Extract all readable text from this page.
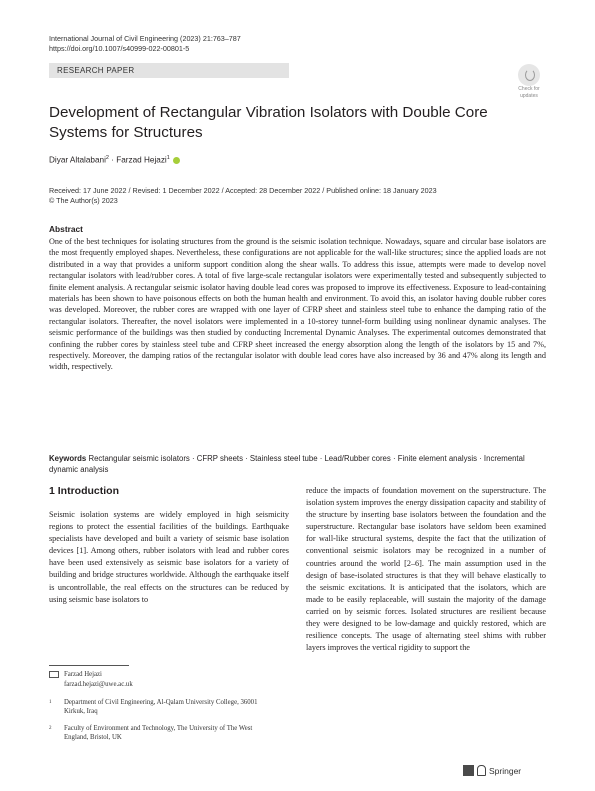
International Journal of Civil Engineering (2023) 21:763–787
https://doi.org/10.1007/s40999-022-00801-5
RESEARCH PAPER
Check for
updates
Development of Rectangular Vibration Isolators with Double Core Systems for Structures
Diyar Altalabani$^2$ · Farzad Hejazi$^1$
Received: 17 June 2022 / Revised: 1 December 2022 / Accepted: 28 December 2022 / Published online: 18 January 2023
© The Author(s) 2023
Abstract
One of the best techniques for isolating structures from the ground is the seismic isolation technique. Nowadays, square and circular base isolators are the most frequently employed shapes. Nevertheless, these configurations are not applicable for the wall-like structures; since the applied loads are not distributed in a way that provides a uniform support condition along the shear walls. To address this issue, attempts were made to develop novel rectangular isolators with lead/rubber cores. A total of five large-scale rectangular isolators were experimentally tested and subsequently subjected to finite element analysis. A rectangular seismic isolator having double lead cores was proposed to improve its effectiveness. Exposure to lead-containing materials has been shown to have poisonous effects on both the human health and environment. To avoid this, an isolator having double rubber cores was developed. Moreover, the rubber cores are wrapped with one layer of CFRP sheet and stainless steel tube to enhance the damping ratio of the rectangular isolators. Thereafter, the novel isolators were implemented in a 10-storey tunnel-form building using nonlinear dynamic analyses. The seismic performance of the buildings was then studied by conducting Incremental Dynamic Analyses. The experimental outcomes demonstrated that confining the rubber cores by stainless steel tube and CFRP sheet increased the energy absorption along the length of the isolators by 15 and 7%, respectively. Moreover, the damping ratios of the rectangular isolator with double lead cores have also increased by 36 and 47% along its length and width, respectively.
Keywords Rectangular seismic isolators · CFRP sheets · Stainless steel tube · Lead/Rubber cores · Finite element analysis · Incremental dynamic analysis
1 Introduction
Seismic isolation systems are widely employed in high seismicity regions to protect the essential facilities of the buildings. Earthquake specialists have developed and built a variety of seismic base isolation devices [1]. Among others, rubber isolators with lead and rubber cores have been used extensively as seismic base isolators for a variety of building and bridge structures worldwide. Although the earthquake itself is uncontrollable, the real effects on the structures can be reduced by using seismic base isolators to
reduce the impacts of foundation movement on the superstructure. The isolation system improves the energy dissipation capacity and stability of the structure by inserting base isolators between the foundation and the superstructure. Rectangular base isolators have seldom been examined for wall-like structural systems, despite the fact that the utilization of conventional seismic isolators may be recognized in a number of countries around the world [2–6]. The main assumption used in the design of base-isolated structures is that they will behave elastically to the seismic excitations. It is anticipated that the isolators, which are made to be easily replaceable, will sustain the majority of the damage carried on by seismic forces. Isolated structures are resilient because they were designed to be low-damage and quickly restored, which are resilience concepts. The usage of alternating steel shims with rubber layers improves the vertical rigidity to support the
Farzad Hejazi
farzad.hejazi@uwe.ac.uk
1 Department of Civil Engineering, Al-Qalam University College, 36001 Kirkuk, Iraq
2 Faculty of Environment and Technology, The University of The West England, Bristol, UK
Springer
